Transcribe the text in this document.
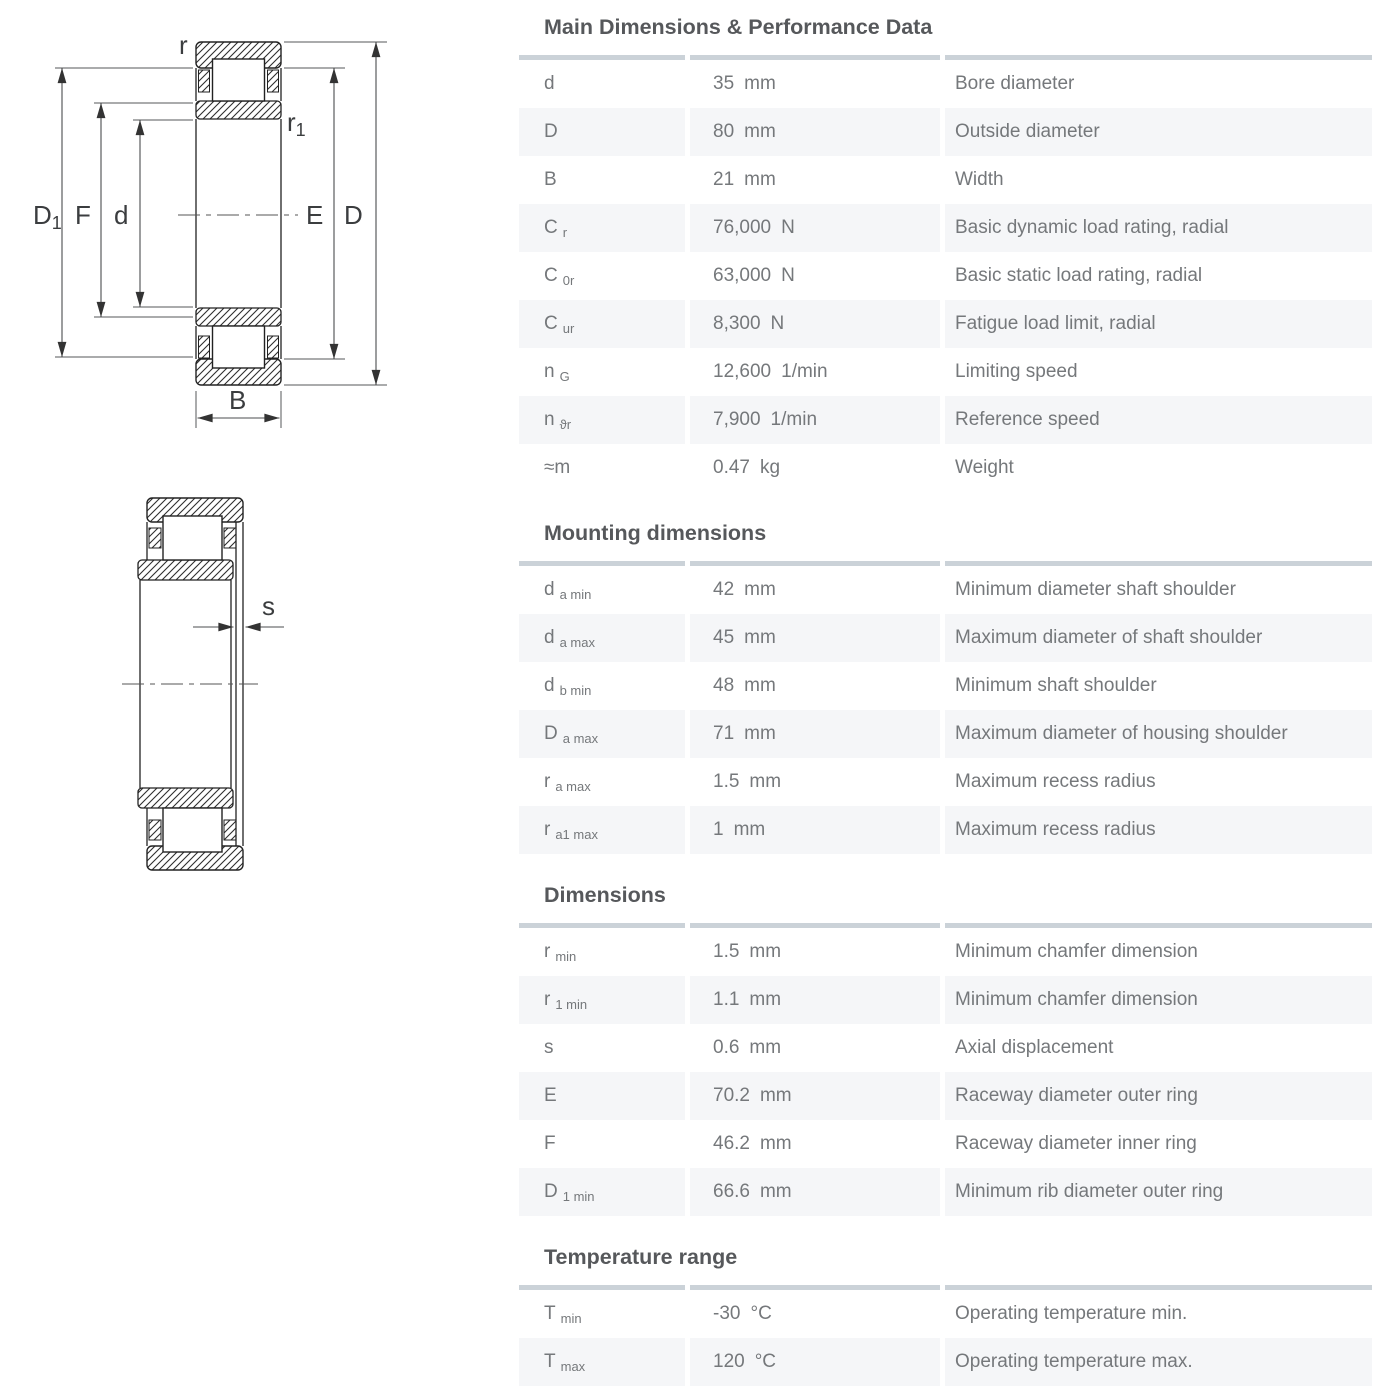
D1 F d	E D
r
r1
B
s
Main Dimensions & Performance Data
d	35 mm	Bore diameter
D	80 mm	Outside diameter
B	21 mm	Width
C r	76,000 N	Basic dynamic load rating, radial
C 0r	63,000 N	Basic static load rating, radial
C ur	8,300 N	Fatigue load limit, radial
n G	12,600 1/min	Limiting speed
n ϑr	7,900 1/min	Reference speed
≈m	0.47 kg	Weight
Mounting dimensions
d a min	42 mm	Minimum diameter shaft shoulder
d a max	45 mm	Maximum diameter of shaft shoulder
d b min	48 mm	Minimum shaft shoulder
D a max	71 mm	Maximum diameter of housing shoulder
r a max	1.5 mm	Maximum recess radius
r a1 max	1 mm	Maximum recess radius
Dimensions
r min	1.5 mm	Minimum chamfer dimension
r 1 min	1.1 mm	Minimum chamfer dimension
s	0.6 mm	Axial displacement
E	70.2 mm	Raceway diameter outer ring
F	46.2 mm	Raceway diameter inner ring
D 1 min	66.6 mm	Minimum rib diameter outer ring
Temperature range
T min	-30 °C	Operating temperature min.
T max	120 °C	Operating temperature max.
